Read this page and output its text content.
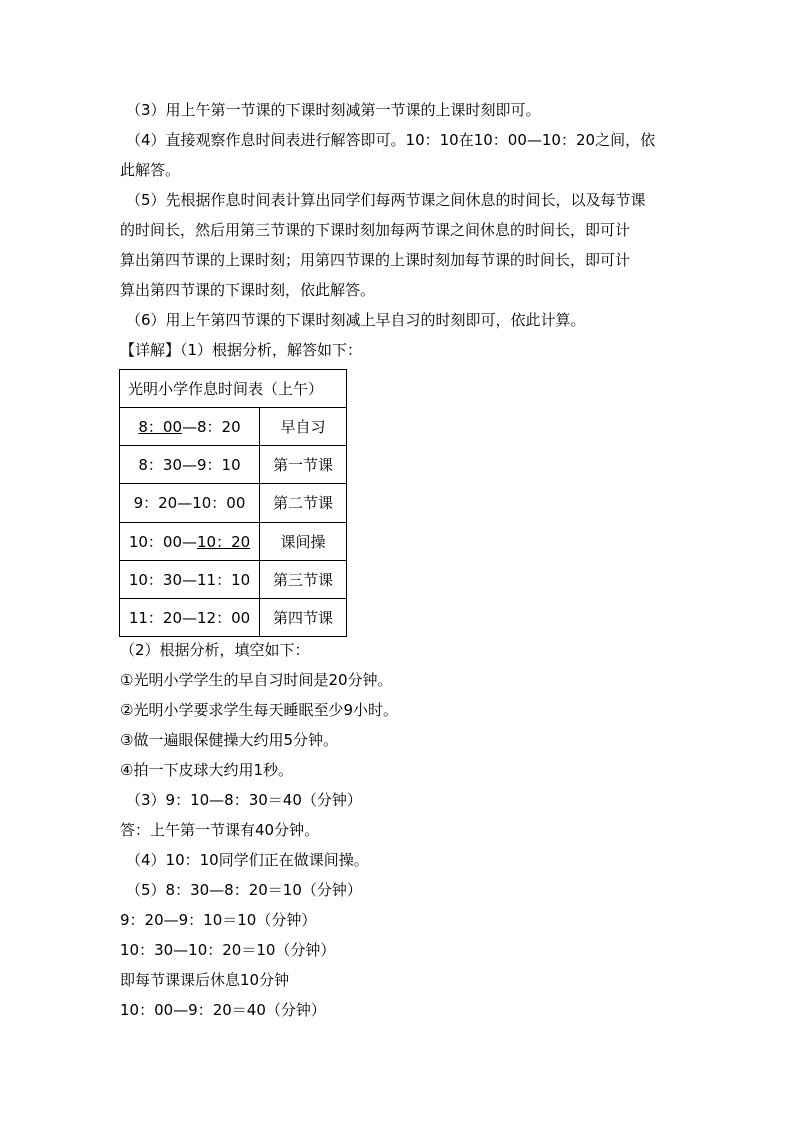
（3）用上午第一节课的下课时刻减第一节课的上课时刻即可。
（4）直接观察作息时间表进行解答即可。10：10在10：00—10：20之间，依
此解答。
（5）先根据作息时间表计算出同学们每两节课之间休息的时间长，以及每节课
的时间长，然后用第三节课的下课时刻加每两节课之间休息的时间长，即可计
算出第四节课的上课时刻；用第四节课的上课时刻加每节课的时间长，即可计
算出第四节课的下课时刻，依此解答。
（6）用上午第四节课的下课时刻减上早自习的时刻即可，依此计算。
【详解】（1）根据分析，解答如下：
光明小学作息时间表（上午）	
8：00—8：20	早自习
8：30—9：10	第一节课
9：20—10：00	第二节课
10：00—10：20	课间操
10：30—11：10	第三节课
11：20—12：00	第四节课
（2）根据分析，填空如下：
①光明小学学生的早自习时间是20分钟。
②光明小学要求学生每天睡眠至少9小时。
③做一遍眼保健操大约用5分钟。
④拍一下皮球大约用1秒。
（3）9：10—8：30＝40（分钟）
答：上午第一节课有40分钟。
（4）10：10同学们正在做课间操。
（5）8：30—8：20＝10（分钟）
9：20—9：10＝10（分钟）
10：30—10：20＝10（分钟）
即每节课课后休息10分钟
10：00—9：20＝40（分钟）
